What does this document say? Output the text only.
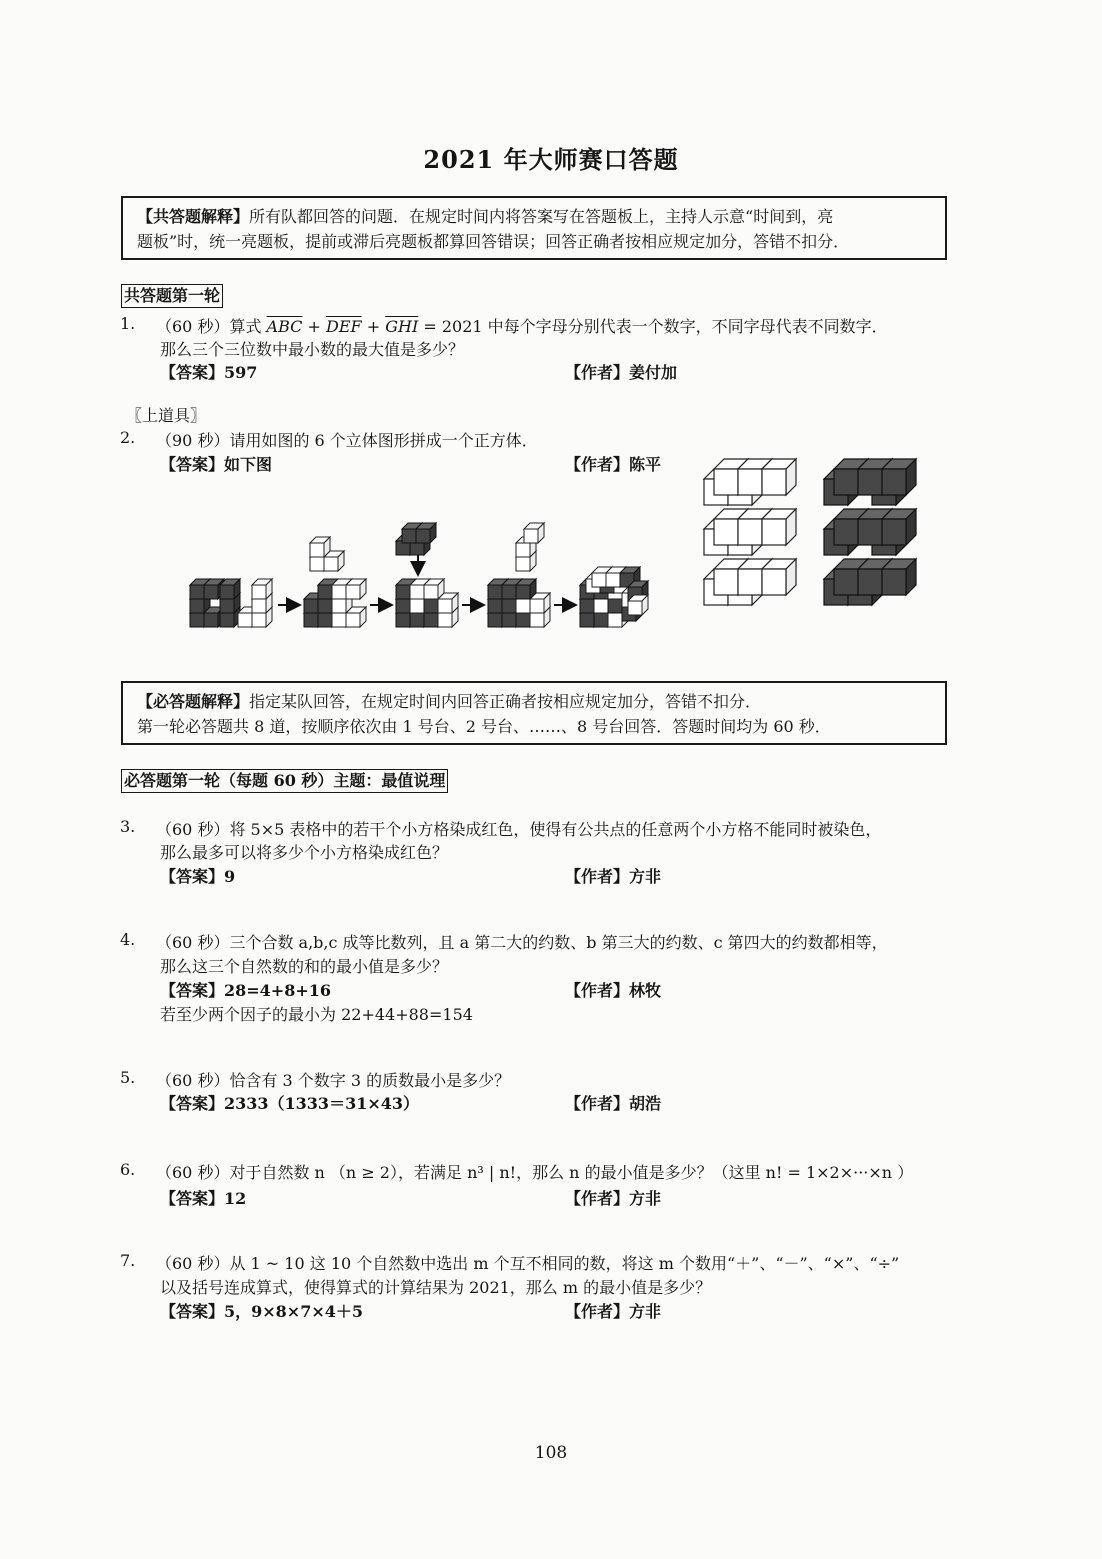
2021 年大师赛口答题
【共答题解释】所有队都回答的问题．在规定时间内将答案写在答题板上，主持人示意“时间到，亮
题板”时，统一亮题板，提前或滞后亮题板都算回答错误；回答正确者按相应规定加分，答错不扣分．
共答题第一轮
1. （60 秒）算式 $\overline{ABC} + \overline{DEF} + \overline{GHI} = 2021$ 中每个字母分别代表一个数字，不同字母代表不同数字．
那么三个三位数中最小数的最大值是多少？
【答案】597	【作者】姜付加
〖上道具〗
2. （90 秒）请用如图的 6 个立体图形拼成一个正方体．
【答案】如下图	【作者】陈平
【必答题解释】指定某队回答，在规定时间内回答正确者按相应规定加分，答错不扣分．
第一轮必答题共 8 道，按顺序依次由 1 号台、2 号台、……、8 号台回答．答题时间均为 60 秒．
必答题第一轮（每题 60 秒）主题：最值说理
3. （60 秒）将 5×5 表格中的若干个小方格染成红色，使得有公共点的任意两个小方格不能同时被染色，
那么最多可以将多少个小方格染成红色？
【答案】9	【作者】方非
4. （60 秒）三个合数 a,b,c 成等比数列，且 a 第二大的约数、b 第三大的约数、c 第四大的约数都相等，
那么这三个自然数的和的最小值是多少？
【答案】28=4+8+16	【作者】林牧
若至少两个因子的最小为 22+44+88=154
5. （60 秒）恰含有 3 个数字 3 的质数最小是多少？
【答案】2333（1333＝31×43）	【作者】胡浩
6. （60 秒）对于自然数 n （n ≥ 2），若满足 n³ | n!，那么 n 的最小值是多少？（这里 n! = 1×2×···×n ）
【答案】12	【作者】方非
7. （60 秒）从 1 ~ 10 这 10 个自然数中选出 m 个互不相同的数，将这 m 个数用“＋”、“－”、“×”、“÷”
以及括号连成算式，使得算式的计算结果为 2021，那么 m 的最小值是多少？
【答案】5，9×8×7×4＋5	【作者】方非
108
